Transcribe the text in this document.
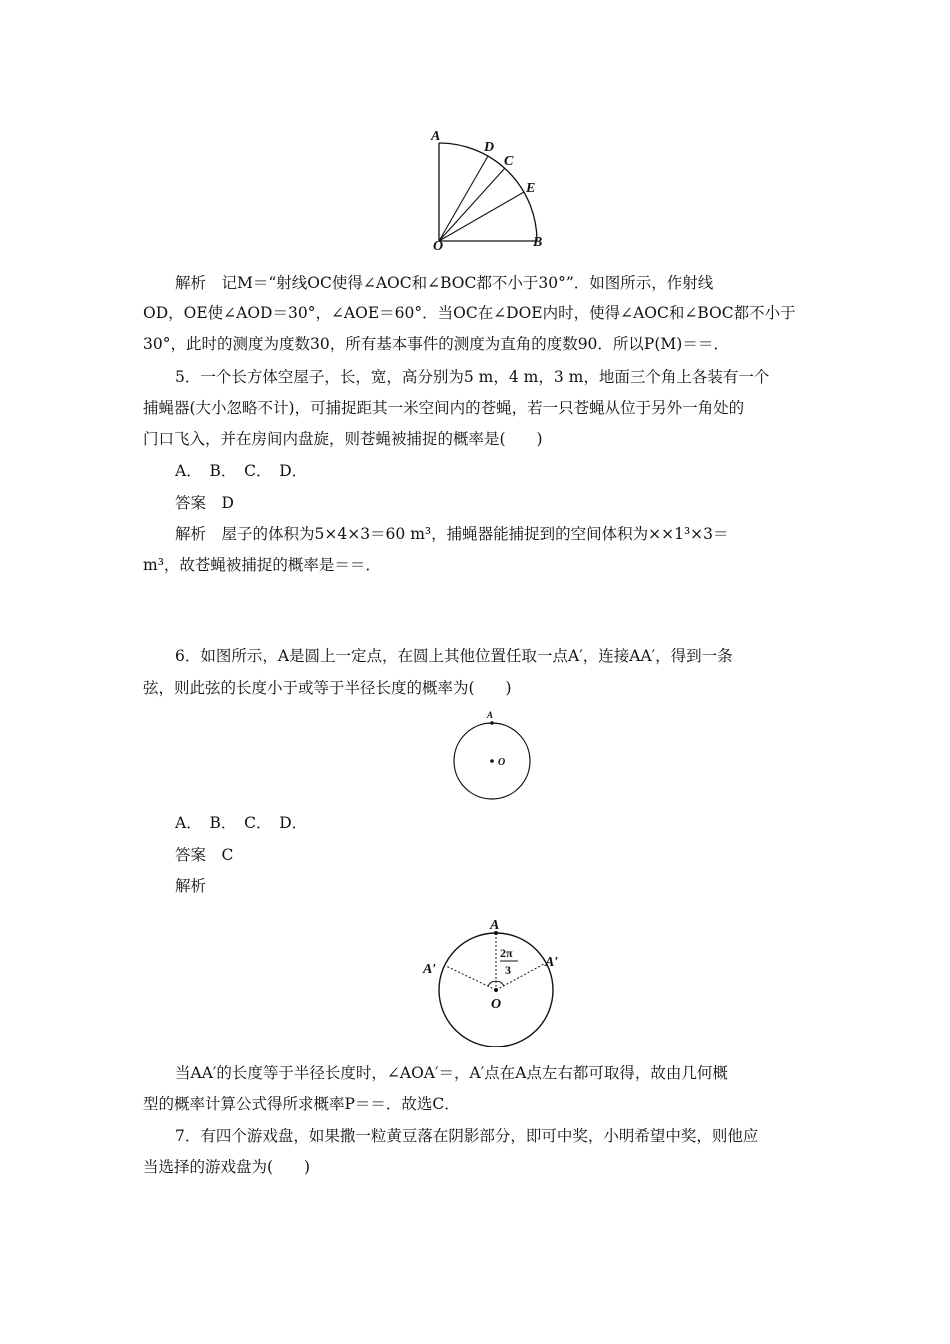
A
D
C
E
O	B
解析　记M＝“射线OC使得∠AOC和∠BOC都不小于30°”．如图所示，作射线
OD，OE使∠AOD＝30°，∠AOE＝60°．当OC在∠DOE内时，使得∠AOC和∠BOC都不小于
30°，此时的测度为度数30，所有基本事件的测度为直角的度数90．所以P(M)＝＝．
5．一个长方体空屋子，长，宽，高分别为5 m，4 m，3 m，地面三个角上各装有一个
捕蝇器(大小忽略不计)，可捕捉距其一米空间内的苍蝇，若一只苍蝇从位于另外一角处的
门口飞入，并在房间内盘旋，则苍蝇被捕捉的概率是(　　)
A．　B．　C．　D．
答案　D
解析　屋子的体积为5×4×3＝60 m³，捕蝇器能捕捉到的空间体积为××1³×3＝
m³，故苍蝇被捕捉的概率是＝＝．
6．如图所示，A是圆上一定点，在圆上其他位置任取一点A′，连接AA′，得到一条
弦，则此弦的长度小于或等于半径长度的概率为(　　)
A
O
A．　B．　C．　D．
答案　C
解析
A
A′	A′
O
2π
3
当AA′的长度等于半径长度时，∠AOA′＝，A′点在A点左右都可取得，故由几何概
型的概率计算公式得所求概率P＝＝．故选C．
7．有四个游戏盘，如果撒一粒黄豆落在阴影部分，即可中奖，小明希望中奖，则他应
当选择的游戏盘为(　　)
